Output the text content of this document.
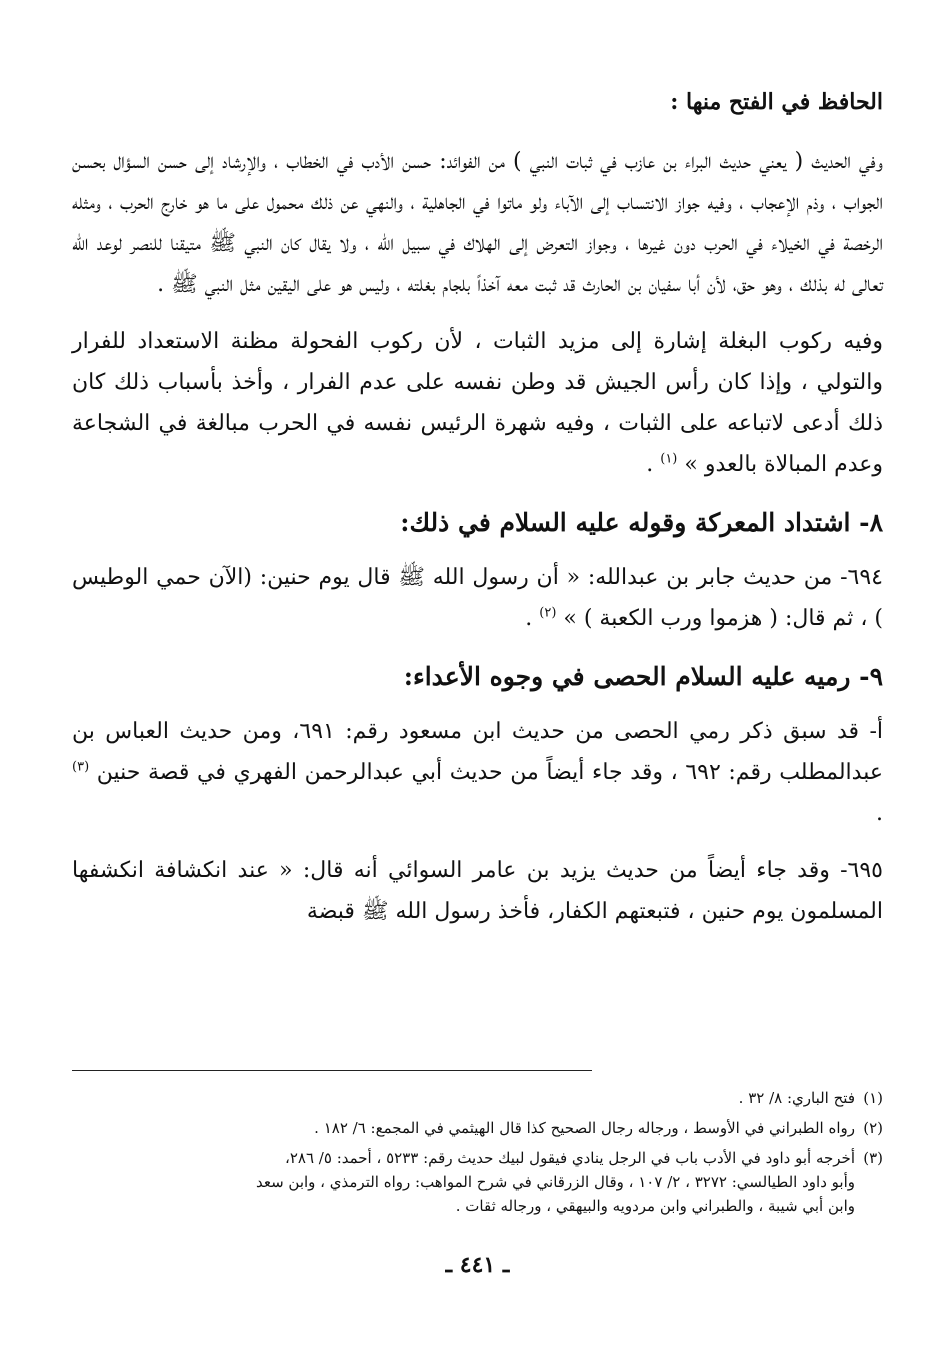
الحافظ في الفتح منها :

وفي الحديث ( يعني حديث البراء بن عازب في ثبات النبي ) من الفوائد: حسن الأدب في الخطاب ، والإرشاد إلى حسن السؤال بحسن الجواب ، وذم الإعجاب ، وفيه جواز الانتساب إلى الآباء ولو ماتوا في الجاهلية ، والنهي عن ذلك محمول على ما هو خارج الحرب ، ومثله الرخصة في الخيلاء في الحرب دون غيرها ، وجواز التعرض إلى الهلاك في سبيل الله ، ولا يقال كان النبي ﷺ متيقنا للنصر لوعد الله تعالى له بذلك ، وهو حق، لأن أبا سفيان بن الحارث قد ثبت معه آخذاً بلجام بغلته ، وليس هو على اليقين مثل النبي ﷺ .

وفيه ركوب البغلة إشارة إلى مزيد الثبات ، لأن ركوب الفحولة مظنة الاستعداد للفرار والتولي ، وإذا كان رأس الجيش قد وطن نفسه على عدم الفرار ، وأخذ بأسباب ذلك كان ذلك أدعى لاتباعه على الثبات ، وفيه شهرة الرئيس نفسه في الحرب مبالغة في الشجاعة وعدم المبالاة بالعدو » $^{(١)}$ .

٨- اشتداد المعركة وقوله عليه السلام في ذلك:

٦٩٤- من حديث جابر بن عبدالله: « أن رسول الله ﷺ قال يوم حنين: (الآن حمي الوطيس ) ، ثم قال: ( هزموا ورب الكعبة ) » $^{(٢)}$ .

٩- رميه عليه السلام الحصى في وجوه الأعداء:

أ- قد سبق ذكر رمي الحصى من حديث ابن مسعود رقم: ٦٩١، ومن حديث العباس بن عبدالمطلب رقم: ٦٩٢ ، وقد جاء أيضاً من حديث أبي عبدالرحمن الفهري في قصة حنين $^{(٣)}$ .

٦٩٥- وقد جاء أيضاً من حديث يزيد بن عامر السوائي أنه قال: « عند انكشافة انكشفها المسلمون يوم حنين ، فتبعتهم الكفار، فأخذ رسول الله ﷺ قبضة

(١)فتح الباري: ٨/ ٣٢ .

(٢)رواه الطبراني في الأوسط ، ورجاله رجال الصحيح كذا قال الهيثمي في المجمع: ٦/ ١٨٢ .

(٣)أخرجه أبو داود في الأدب باب في الرجل ينادي فيقول لبيك حديث رقم: ٥٢٣٣ ، أحمد: ٥/ ٢٨٦،
وأبو داود الطيالسي: ٣٢٧٢ ، ٢/ ١٠٧ ، وقال الزرقاني في شرح المواهب: رواه الترمذي ، وابن سعد
وابن أبي شيبة ، والطبراني وابن مردويه والبيهقي ، ورجاله ثقات .

ـ ٤٤١ ـ
